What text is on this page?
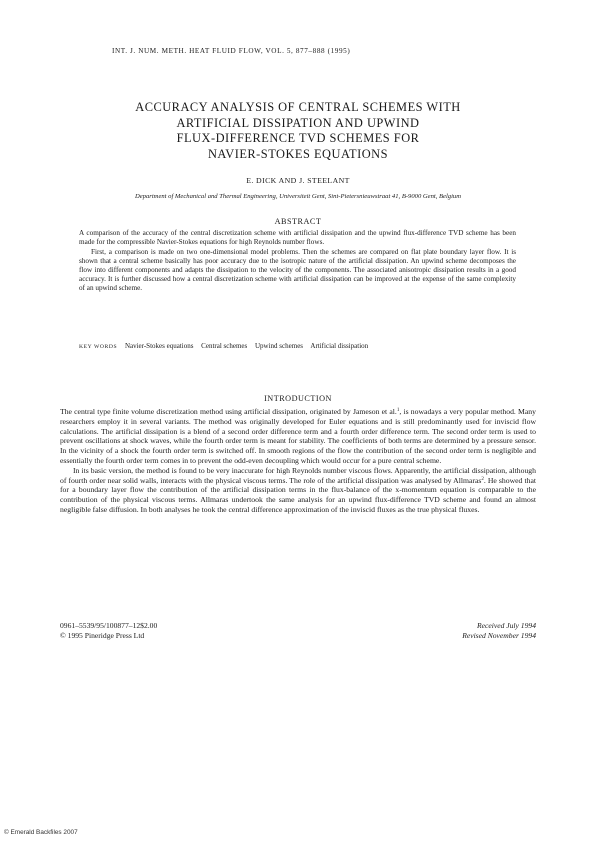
INT. J. NUM. METH. HEAT FLUID FLOW, VOL. 5, 877–888 (1995)
ACCURACY ANALYSIS OF CENTRAL SCHEMES WITH
ARTIFICIAL DISSIPATION AND UPWIND
FLUX-DIFFERENCE TVD SCHEMES FOR
NAVIER-STOKES EQUATIONS
E. DICK AND J. STEELANT
Department of Mechanical and Thermal Engineering, Universiteit Gent, Sint-Pietersnieuwstraat 41, B-9000 Gent, Belgium
ABSTRACT

A comparison of the accuracy of the central discretization scheme with artificial dissipation and the upwind flux-difference TVD scheme has been made for the compressible Navier-Stokes equations for high Reynolds number flows.

First, a comparison is made on two one-dimensional model problems. Then the schemes are compared on flat plate boundary layer flow. It is shown that a central scheme basically has poor accuracy due to the isotropic nature of the artificial dissipation. An upwind scheme decomposes the flow into different components and adapts the dissipation to the velocity of the components. The associated anisotropic dissipation results in a good accuracy. It is further discussed how a central discretization scheme with artificial dissipation can be improved at the expense of the same complexity of an upwind scheme.

KEY WORDS Navier-Stokes equations Central schemes Upwind schemes Artificial dissipation
INTRODUCTION

The central type finite volume discretization method using artificial dissipation, originated by Jameson et al.$^1$, is nowadays a very popular method. Many researchers employ it in several variants. The method was originally developed for Euler equations and is still predominantly used for inviscid flow calculations. The artificial dissipation is a blend of a second order difference term and a fourth order difference term. The second order term is used to prevent oscillations at shock waves, while the fourth order term is meant for stability. The coefficients of both terms are determined by a pressure sensor. In the vicinity of a shock the fourth order term is switched off. In smooth regions of the flow the contribution of the second order term is negligible and essentially the fourth order term comes in to prevent the odd-even decoupling which would occur for a pure central scheme.

In its basic version, the method is found to be very inaccurate for high Reynolds number viscous flows. Apparently, the artificial dissipation, although of fourth order near solid walls, interacts with the physical viscous terms. The role of the artificial dissipation was analysed by Allmaras$^2$. He showed that for a boundary layer flow the contribution of the artificial dissipation terms in the flux-balance of the x-momentum equation is comparable to the contribution of the physical viscous terms. Allmaras undertook the same analysis for an upwind flux-difference TVD scheme and found an almost negligible false diffusion. In both analyses he took the central difference approximation of the inviscid fluxes as the true physical fluxes.

0961–5539/95/100877–12$2.00
© 1995 Pineridge Press Ltd
Received July 1994
Revised November 1994
© Emerald Backfiles 2007
